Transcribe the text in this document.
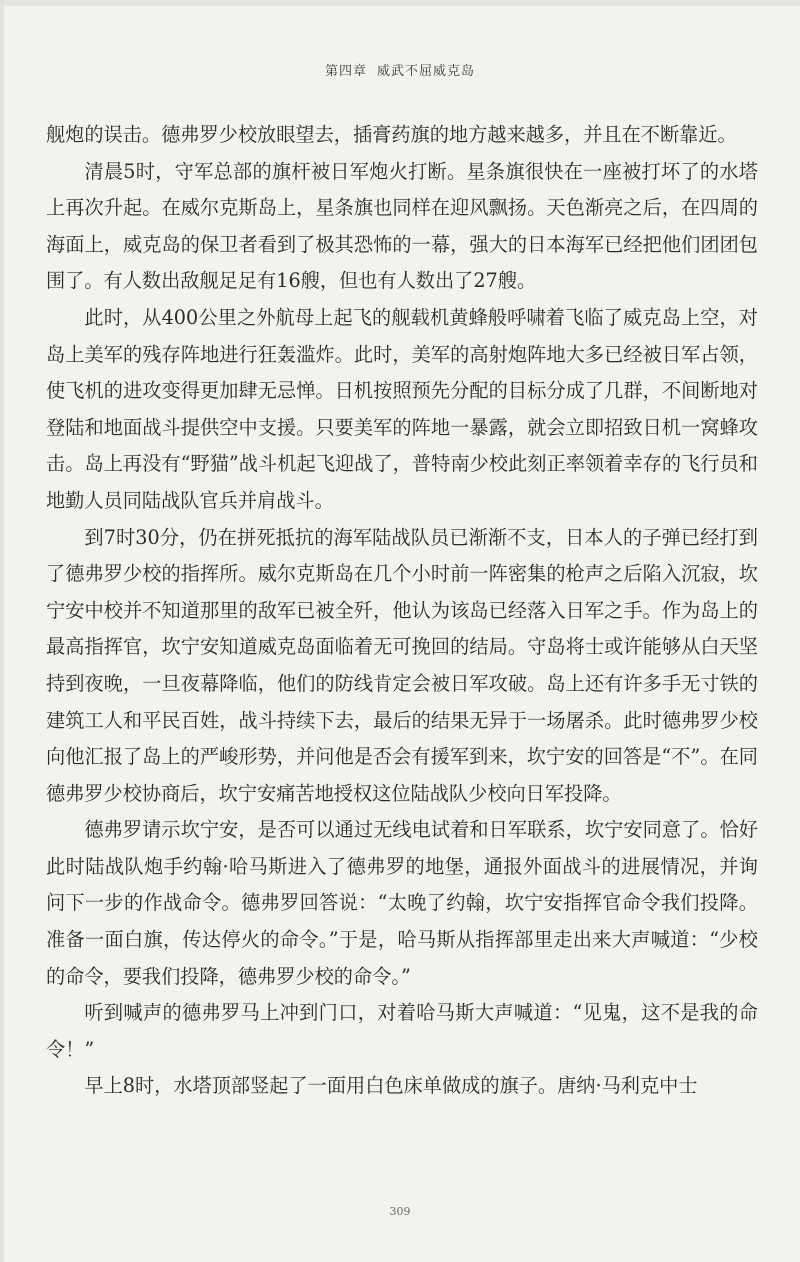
第四章 威武不屈威克岛

舰炮的误击。德弗罗少校放眼望去，插膏药旗的地方越来越多，并且在不断靠近。

清晨5时，守军总部的旗杆被日军炮火打断。星条旗很快在一座被打坏了的水塔上再次升起。在威尔克斯岛上，星条旗也同样在迎风飘扬。天色渐亮之后，在四周的海面上，威克岛的保卫者看到了极其恐怖的一幕，强大的日本海军已经把他们团团包围了。有人数出敌舰足足有16艘，但也有人数出了27艘。

此时，从400公里之外航母上起飞的舰载机黄蜂般呼啸着飞临了威克岛上空，对岛上美军的残存阵地进行狂轰滥炸。此时，美军的高射炮阵地大多已经被日军占领，使飞机的进攻变得更加肆无忌惮。日机按照预先分配的目标分成了几群，不间断地对登陆和地面战斗提供空中支援。只要美军的阵地一暴露，就会立即招致日机一窝蜂攻击。岛上再没有“野猫”战斗机起飞迎战了，普特南少校此刻正率领着幸存的飞行员和地勤人员同陆战队官兵并肩战斗。

到7时30分，仍在拼死抵抗的海军陆战队员已渐渐不支，日本人的子弹已经打到了德弗罗少校的指挥所。威尔克斯岛在几个小时前一阵密集的枪声之后陷入沉寂，坎宁安中校并不知道那里的敌军已被全歼，他认为该岛已经落入日军之手。作为岛上的最高指挥官，坎宁安知道威克岛面临着无可挽回的结局。守岛将士或许能够从白天坚持到夜晚，一旦夜幕降临，他们的防线肯定会被日军攻破。岛上还有许多手无寸铁的建筑工人和平民百姓，战斗持续下去，最后的结果无异于一场屠杀。此时德弗罗少校向他汇报了岛上的严峻形势，并问他是否会有援军到来，坎宁安的回答是“不”。在同德弗罗少校协商后，坎宁安痛苦地授权这位陆战队少校向日军投降。

德弗罗请示坎宁安，是否可以通过无线电试着和日军联系，坎宁安同意了。恰好此时陆战队炮手约翰·哈马斯进入了德弗罗的地堡，通报外面战斗的进展情况，并询问下一步的作战命令。德弗罗回答说：“太晚了约翰，坎宁安指挥官命令我们投降。准备一面白旗，传达停火的命令。”于是，哈马斯从指挥部里走出来大声喊道：“少校的命令，要我们投降，德弗罗少校的命令。”

听到喊声的德弗罗马上冲到门口，对着哈马斯大声喊道：“见鬼，这不是我的命令！”

早上8时，水塔顶部竖起了一面用白色床单做成的旗子。唐纳·马利克中士

309
